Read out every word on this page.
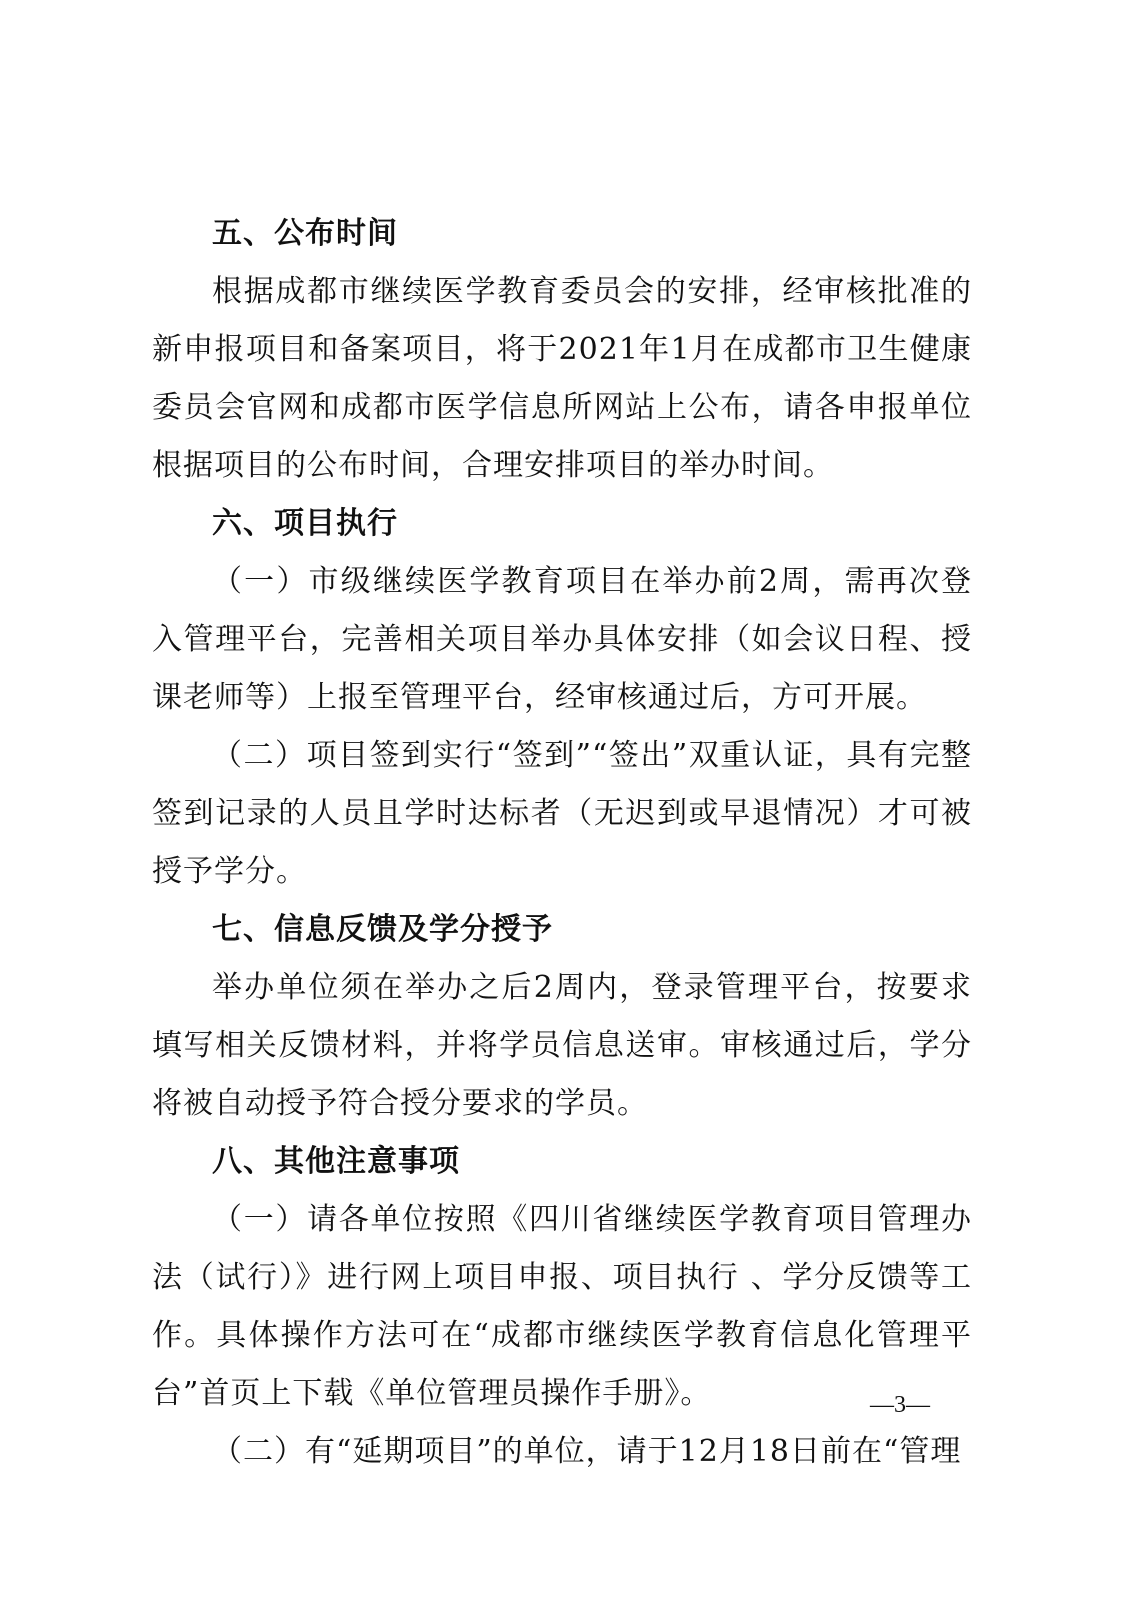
五、公布时间

根据成都市继续医学教育委员会的安排，经审核批准的新申报项目和备案项目，将于2021年1月在成都市卫生健康委员会官网和成都市医学信息所网站上公布，请各申报单位根据项目的公布时间，合理安排项目的举办时间。

六、项目执行

（一）市级继续医学教育项目在举办前2周，需再次登入管理平台，完善相关项目举办具体安排（如会议日程、授课老师等）上报至管理平台，经审核通过后，方可开展。

（二）项目签到实行“签到”“签出”双重认证，具有完整签到记录的人员且学时达标者（无迟到或早退情况）才可被授予学分。

七、信息反馈及学分授予

举办单位须在举办之后2周内，登录管理平台，按要求填写相关反馈材料，并将学员信息送审。审核通过后，学分将被自动授予符合授分要求的学员。

八、其他注意事项

（一）请各单位按照《四川省继续医学教育项目管理办法（试行）》进行网上项目申报、项目执行 、学分反馈等工作。具体操作方法可在“成都市继续医学教育信息化管理平台”首页上下载《单位管理员操作手册》。

（二）有“延期项目”的单位，请于12月18日前在“管理

—3—
